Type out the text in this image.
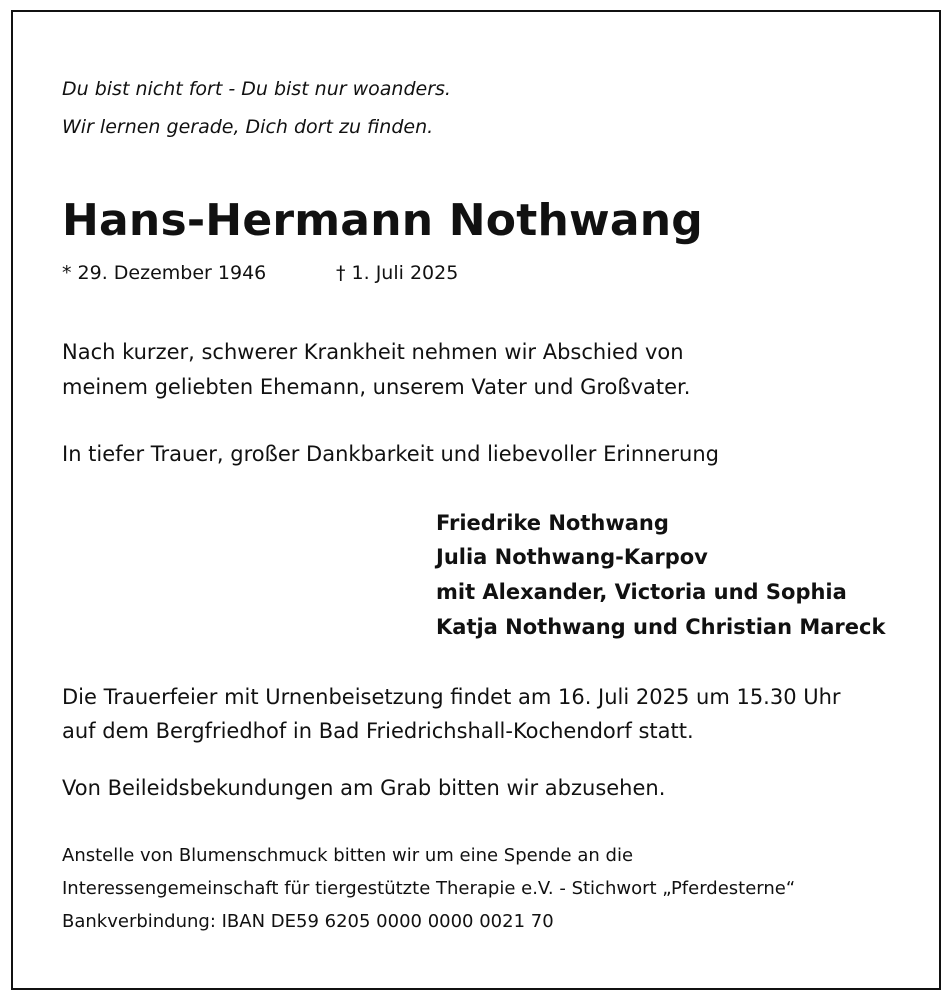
Du bist nicht fort - Du bist nur woanders.
Wir lernen gerade, Dich dort zu finden.
Hans-Hermann Nothwang
* 29. Dezember 1946	† 1. Juli 2025
Nach kurzer, schwerer Krankheit nehmen wir Abschied von
meinem geliebten Ehemann, unserem Vater und Großvater.
In tiefer Trauer, großer Dankbarkeit und liebevoller Erinnerung
Friedrike Nothwang
Julia Nothwang-Karpov
mit Alexander, Victoria und Sophia
Katja Nothwang und Christian Mareck
Die Trauerfeier mit Urnenbeisetzung findet am 16. Juli 2025 um 15.30 Uhr
auf dem Bergfriedhof in Bad Friedrichshall-Kochendorf statt.
Von Beileidsbekundungen am Grab bitten wir abzusehen.
Anstelle von Blumenschmuck bitten wir um eine Spende an die
Interessengemeinschaft für tiergestützte Therapie e.V. - Stichwort „Pferdesterne“
Bankverbindung: IBAN DE59 6205 0000 0000 0021 70
